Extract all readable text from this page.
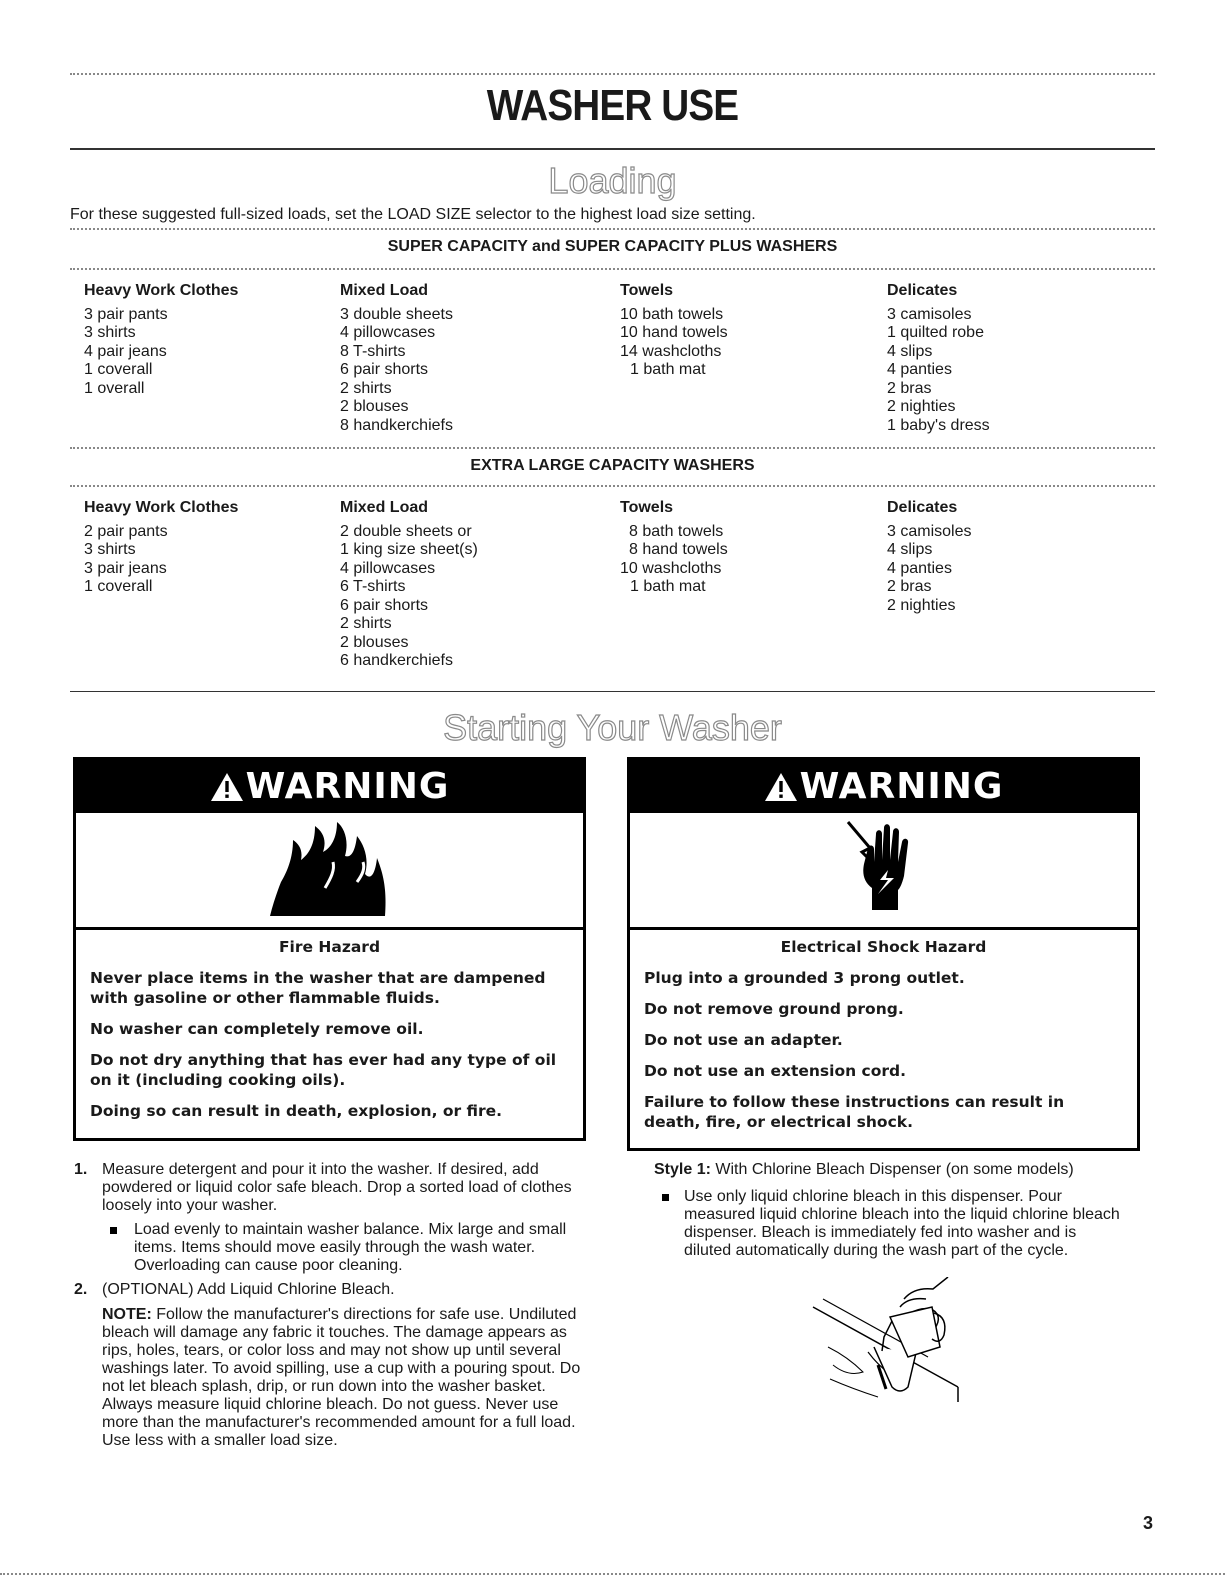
WASHER USE
Loading

For these suggested full-sized loads, set the LOAD SIZE selector to the highest load size setting.

SUPER CAPACITY and SUPER CAPACITY PLUS WASHERS
Heavy Work Clothes
3 pair pants
3 shirts
4 pair jeans
1 coverall
1 overall
Mixed Load
3 double sheets
4 pillowcases
8 T-shirts
6 pair shorts
2 shirts
2 blouses
8 handkerchiefs
Towels
10 bath towels
10 hand towels
14 washcloths
1 bath mat
Delicates
3 camisoles
1 quilted robe
4 slips
4 panties
2 bras
2 nighties
1 baby's dress
EXTRA LARGE CAPACITY WASHERS
Heavy Work Clothes
2 pair pants
3 shirts
3 pair jeans
1 coverall
Mixed Load
2 double sheets or
1 king size sheet(s)
4 pillowcases
6 T-shirts
6 pair shorts
2 shirts
2 blouses
6 handkerchiefs
Towels
8 bath towels
8 hand towels
10 washcloths
1 bath mat
Delicates
3 camisoles
4 slips
4 panties
2 bras
2 nighties
Starting Your Washer
WARNING
Fire Hazard

Never place items in the washer that are dampened with gasoline or other flammable fluids.

No washer can completely remove oil.

Do not dry anything that has ever had any type of oil on it (including cooking oils).

Doing so can result in death, explosion, or fire.

WARNING
Electrical Shock Hazard

Plug into a grounded 3 prong outlet.

Do not remove ground prong.

Do not use an adapter.

Do not use an extension cord.

Failure to follow these instructions can result in death, fire, or electrical shock.

1. Measure detergent and pour it into the washer. If desired, add powdered or liquid color safe bleach. Drop a sorted load of clothes loosely into your washer.

Load evenly to maintain washer balance. Mix large and small items. Items should move easily through the wash water. Overloading can cause poor cleaning.

2. (OPTIONAL) Add Liquid Chlorine Bleach.

NOTE: Follow the manufacturer's directions for safe use. Undiluted bleach will damage any fabric it touches. The damage appears as rips, holes, tears, or color loss and may not show up until several washings later. To avoid spilling, use a cup with a pouring spout. Do not let bleach splash, drip, or run down into the washer basket. Always measure liquid chlorine bleach. Do not guess. Never use more than the manufacturer's recommended amount for a full load. Use less with a smaller load size.

Style 1: With Chlorine Bleach Dispenser (on some models)

Use only liquid chlorine bleach in this dispenser. Pour measured liquid chlorine bleach into the liquid chlorine bleach dispenser. Bleach is immediately fed into washer and is diluted automatically during the wash part of the cycle.

3
